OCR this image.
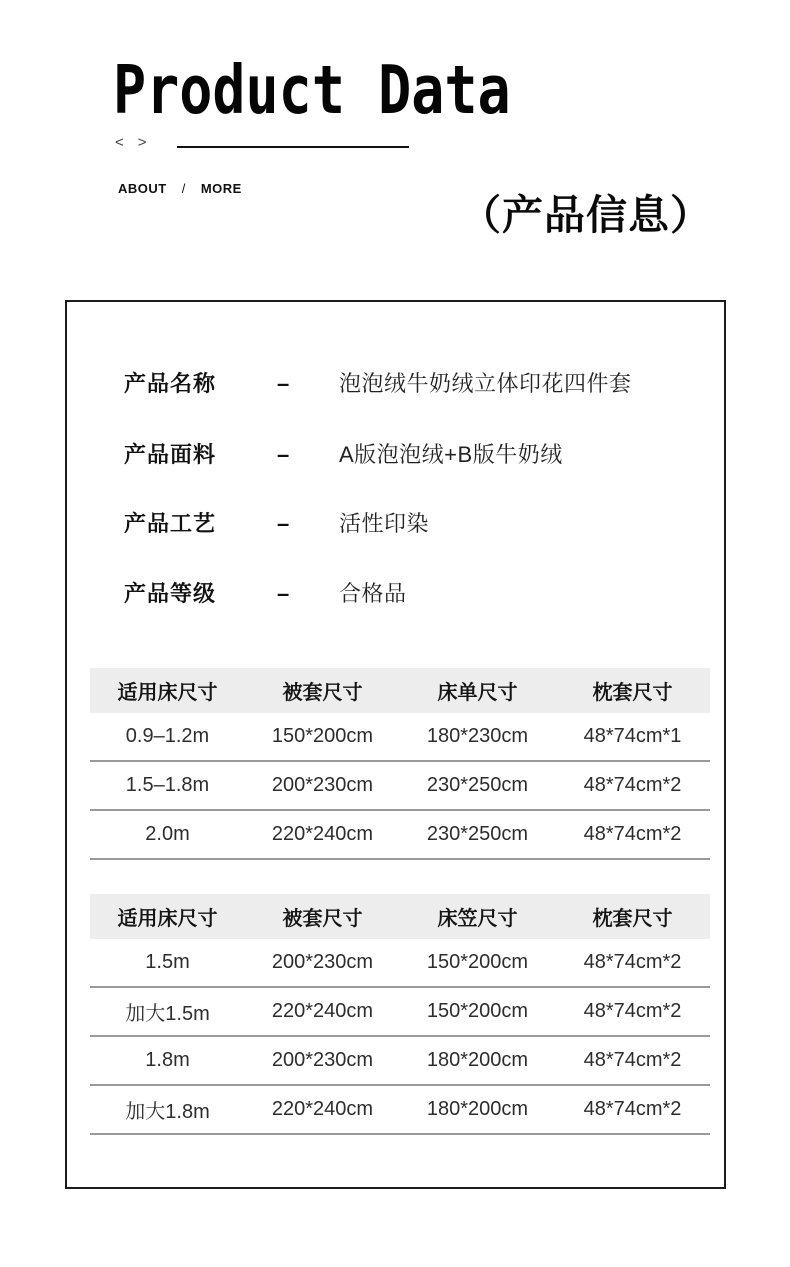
Product Data
<>
ABOUT / MORE
（产品信息）
产品名称	– 泡泡绒牛奶绒立体印花四件套
产品面料	– A版泡泡绒+B版牛奶绒
产品工艺	– 活性印染
产品等级	– 合格品
适用床尺寸	被套尺寸	床单尺寸	枕套尺寸
0.9–1.2m	150*200cm	180*230cm	48*74cm*1
1.5–1.8m	200*230cm	230*250cm	48*74cm*2
2.0m	220*240cm	230*250cm	48*74cm*2
适用床尺寸	被套尺寸	床笠尺寸	枕套尺寸
1.5m	200*230cm	150*200cm	48*74cm*2
加大1.5m	220*240cm	150*200cm	48*74cm*2
1.8m	200*230cm	180*200cm	48*74cm*2
加大1.8m	220*240cm	180*200cm	48*74cm*2
